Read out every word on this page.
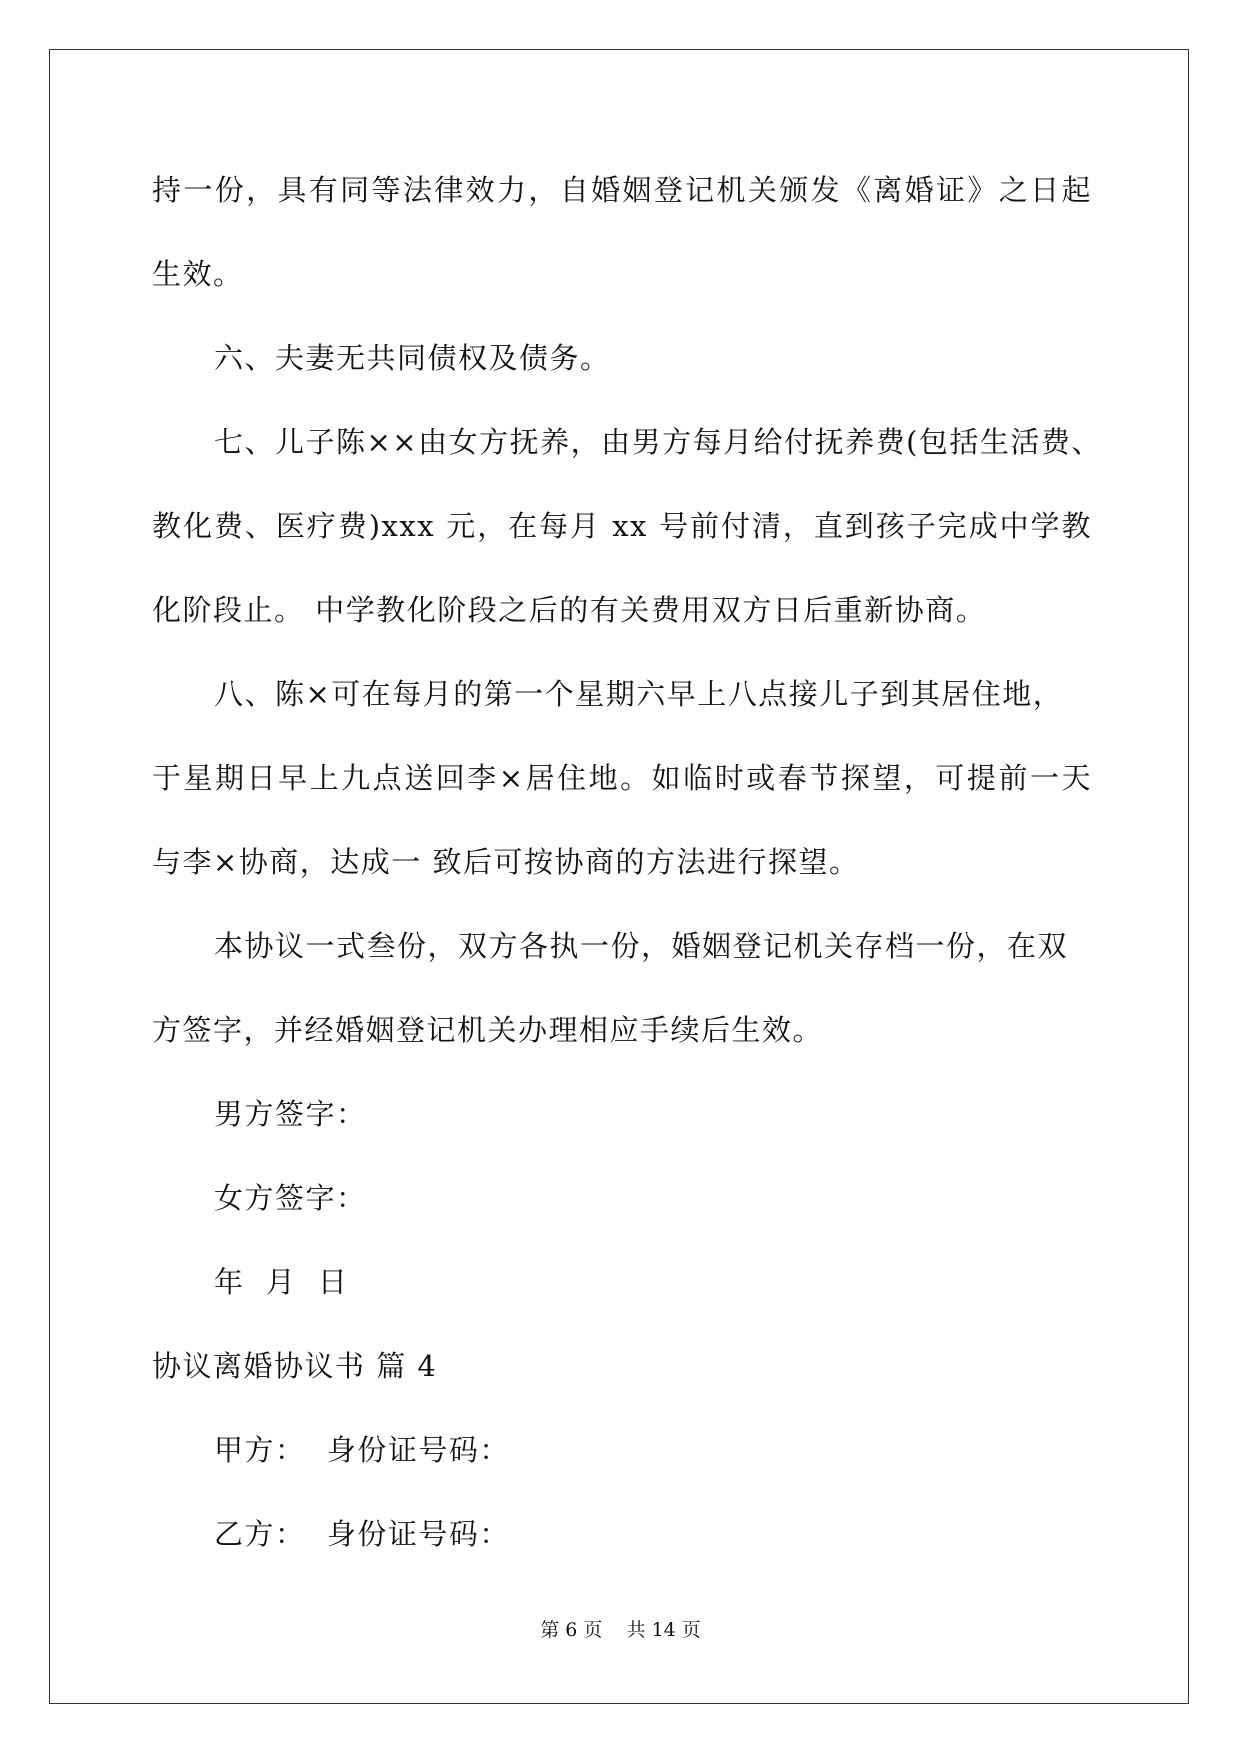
持一份，具有同等法律效力，自婚姻登记机关颁发《离婚证》之日起
生效。
六、夫妻无共同债权及债务。
七、儿子陈××由女方抚养，由男方每月给付抚养费(包括生活费、
教化费、医疗费)xxx 元，在每月 xx 号前付清，直到孩子完成中学教
化阶段止。 中学教化阶段之后的有关费用双方日后重新协商。
八、陈×可在每月的第一个星期六早上八点接儿子到其居住地，
于星期日早上九点送回李×居住地。如临时或春节探望，可提前一天
与李×协商，达成一 致后可按协商的方法进行探望。
本协议一式叁份，双方各执一份，婚姻登记机关存档一份，在双
方签字，并经婚姻登记机关办理相应手续后生效。
男方签字：
女方签字：
年  月  日
协议离婚协议书 篇 4
甲方：  身份证号码：
乙方：  身份证号码：
第 6 页    共 14 页
